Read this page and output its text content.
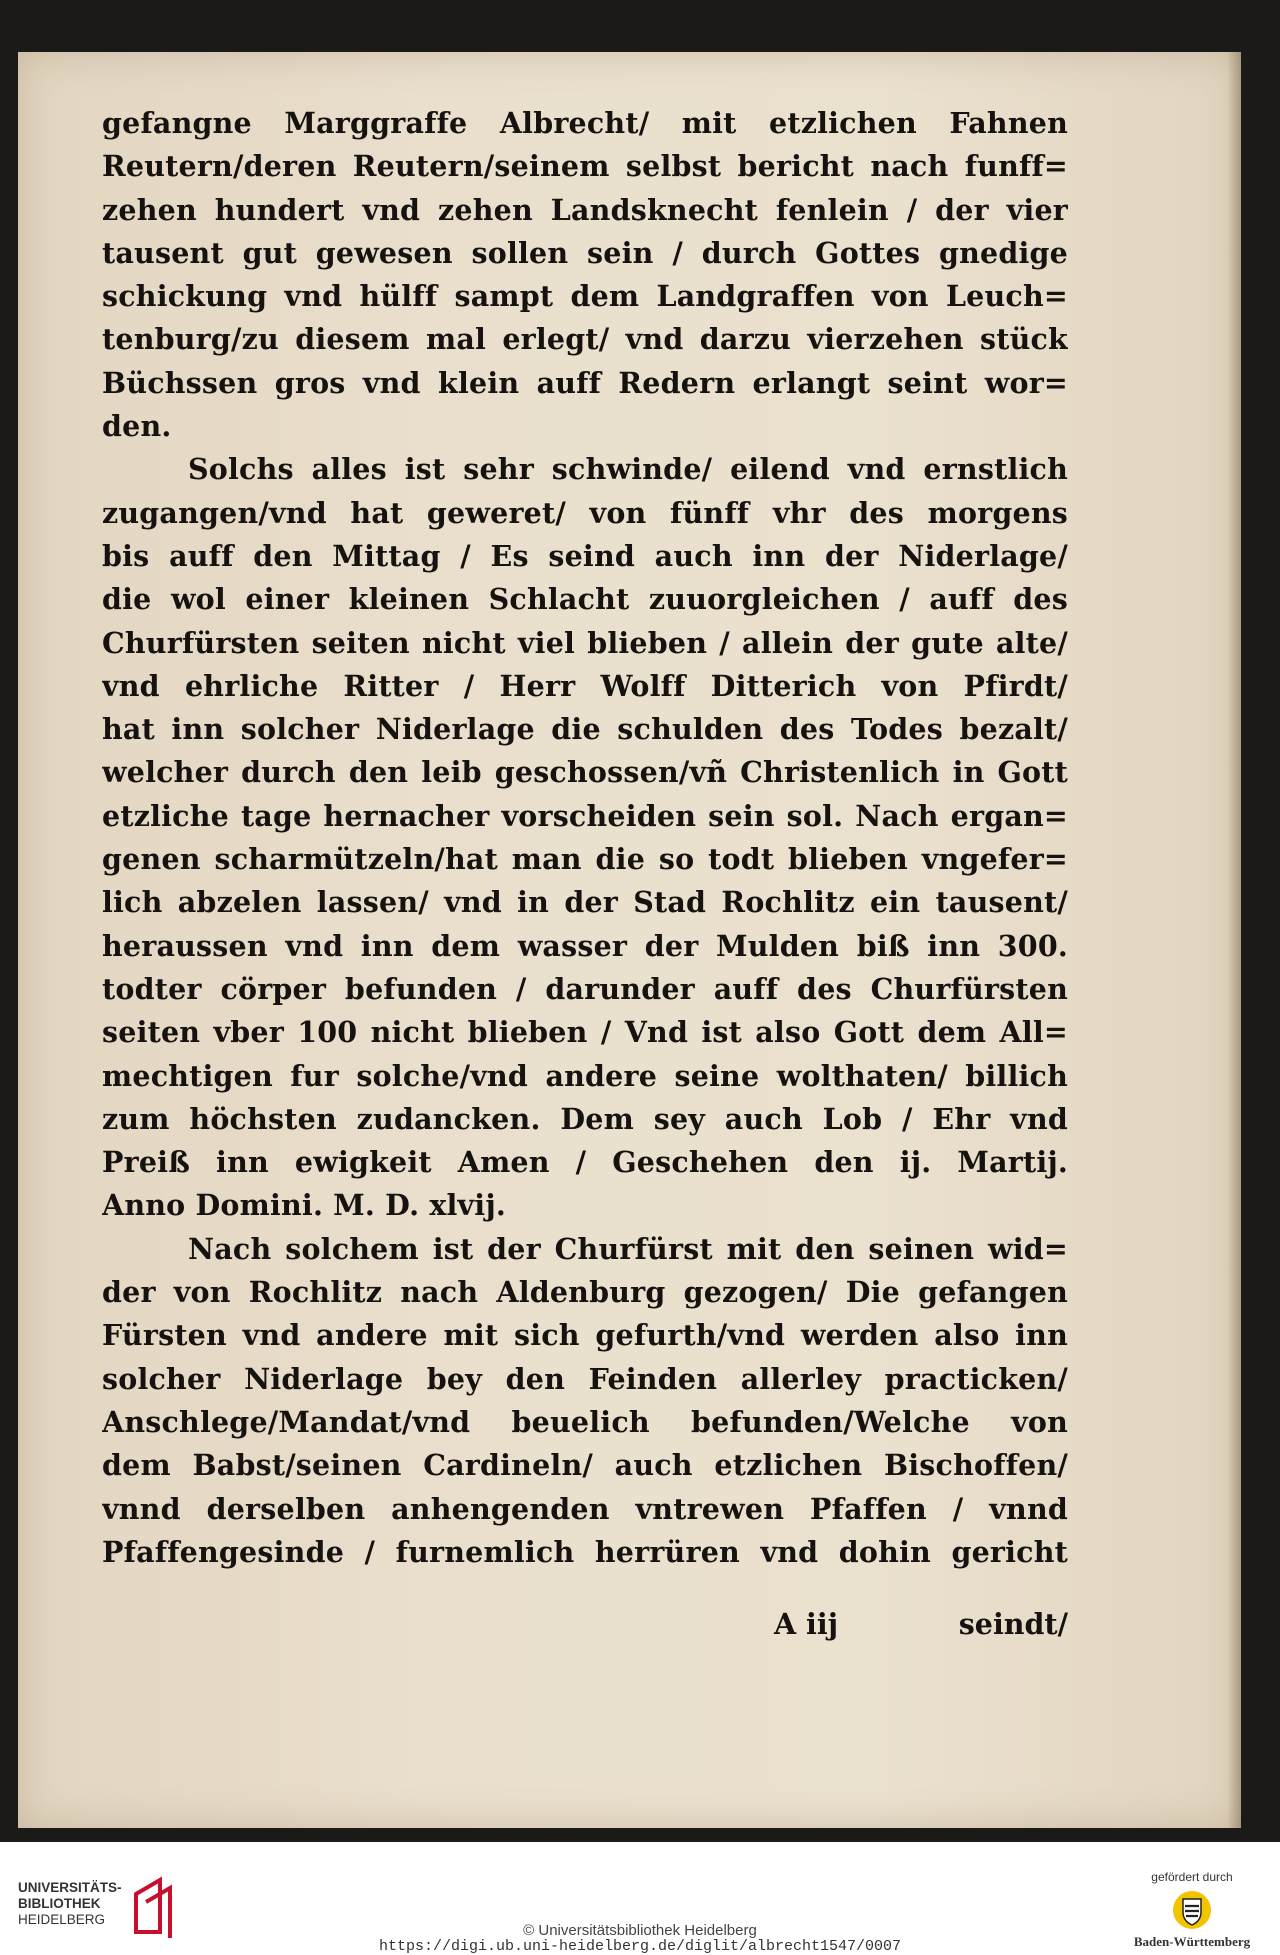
gefangne Marggraffe Albrecht/ mit etzlichen Fahnen
Reutern/deren Reutern/seinem selbst bericht nach funff=
zehen hundert vnd zehen Landsknecht fenlein / der vier
tausent gut gewesen sollen sein / durch Gottes gnedige
schickung vnd hülff sampt dem Landgraffen von Leuch=
tenburg/zu diesem mal erlegt/ vnd darzu vierzehen stück
Büchssen gros vnd klein auff Redern erlangt seint wor=
den.
Solchs alles ist sehr schwinde/ eilend vnd ernstlich
zugangen/vnd hat geweret/ von fünff vhr des morgens
bis auff den Mittag / Es seind auch inn der Niderlage/
die wol einer kleinen Schlacht zuuorgleichen / auff des
Churfürsten seiten nicht viel blieben / allein der gute alte/
vnd ehrliche Ritter / Herr Wolff Ditterich von Pfirdt/
hat inn solcher Niderlage die schulden des Todes bezalt/
welcher durch den leib geschossen/vñ Christenlich in Gott
etzliche tage hernacher vorscheiden sein sol. Nach ergan=
genen scharmützeln/hat man die so todt blieben vngefer=
lich abzelen lassen/ vnd in der Stad Rochlitz ein tausent/
heraussen vnd inn dem wasser der Mulden biß inn 300.
todter cörper befunden / darunder auff des Churfürsten
seiten vber 100 nicht blieben / Vnd ist also Gott dem All=
mechtigen fur solche/vnd andere seine wolthaten/ billich
zum höchsten zudancken. Dem sey auch Lob / Ehr vnd
Preiß inn ewigkeit Amen / Geschehen den ij. Martij.
Anno Domini. M. D. xlvij.
Nach solchem ist der Churfürst mit den seinen wid=
der von Rochlitz nach Aldenburg gezogen/ Die gefangen
Fürsten vnd andere mit sich gefurth/vnd werden also inn
solcher Niderlage bey den Feinden allerley practicken/
Anschlege/Mandat/vnd beuelich befunden/Welche von
dem Babst/seinen Cardineln/ auch etzlichen Bischoffen/
vnnd derselben anhengenden vntrewen Pfaffen / vnnd
Pfaffengesinde / furnemlich herrüren vnd dohin gericht
A iij	seindt/
UNIVERSITÄTS-
BIBLIOTHEK
HEIDELBERG
© Universitätsbibliothek Heidelberg
https://digi.ub.uni-heidelberg.de/diglit/albrecht1547/0007
gefördert durch
Baden-Württemberg
